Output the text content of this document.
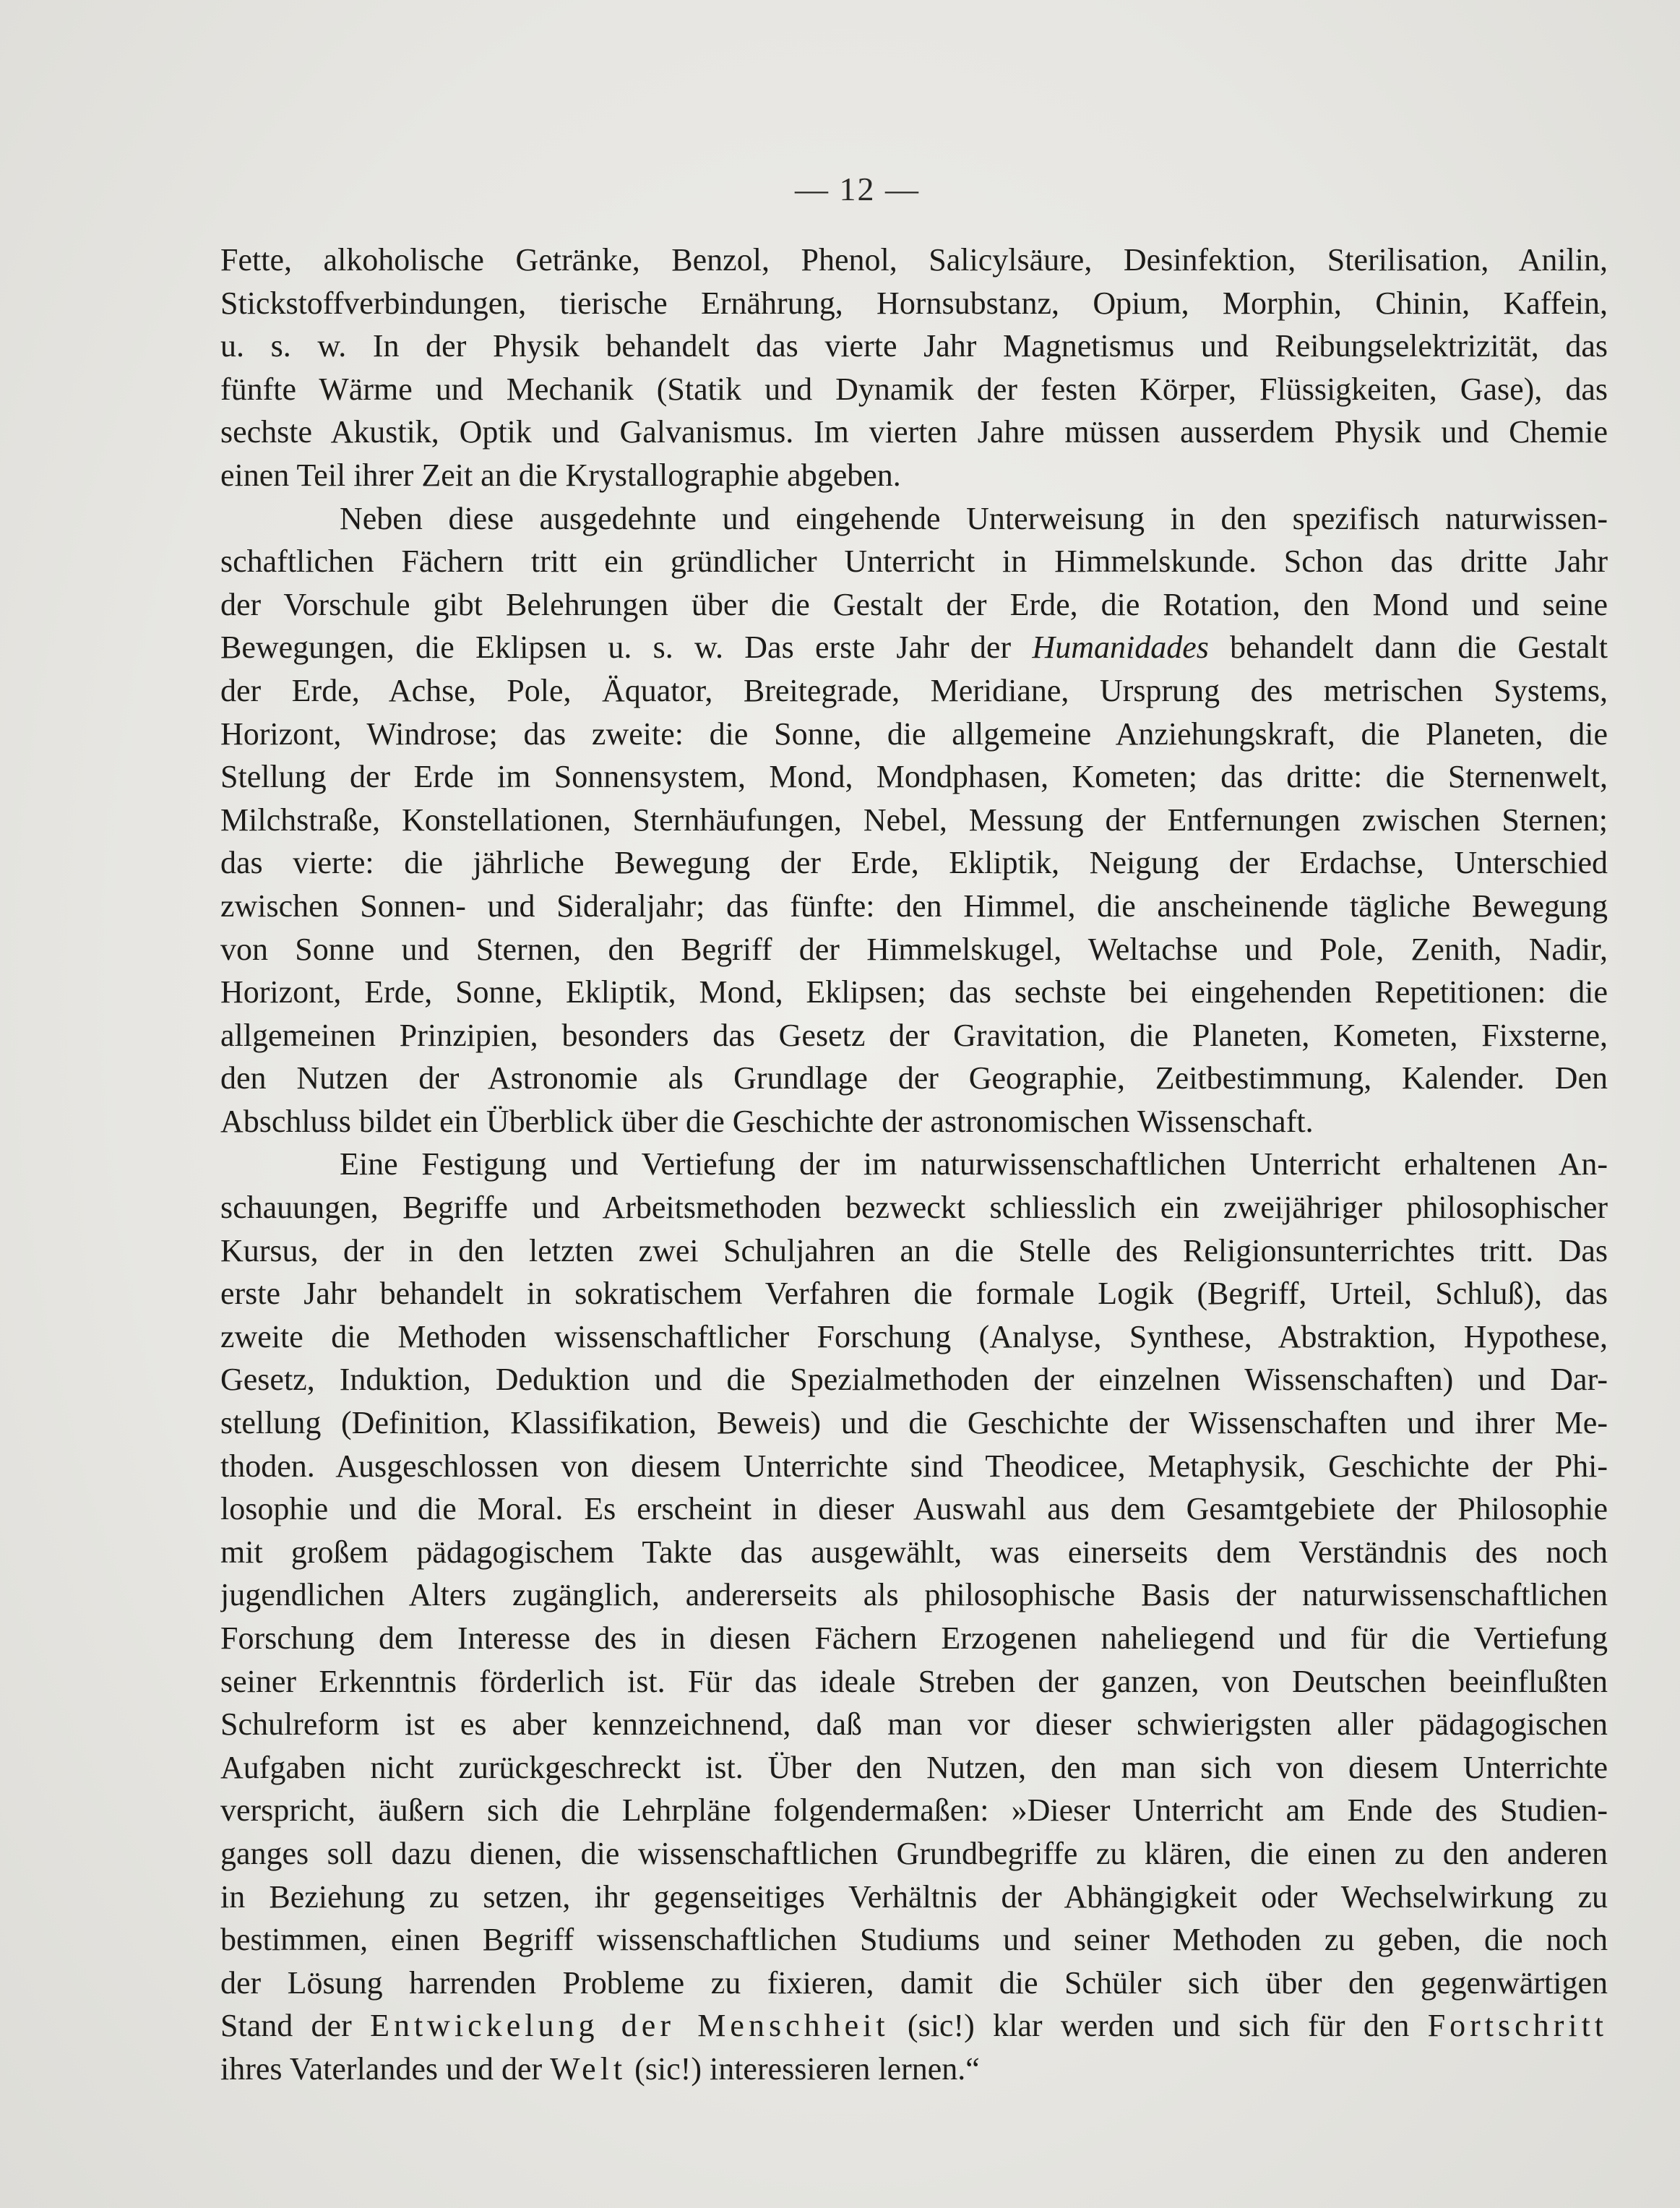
— 12 —
Fette, alkoholische Getränke, Benzol, Phenol, Salicylsäure, Desinfektion, Sterilisation, Anilin,
Stickstoffverbindungen, tierische Ernährung, Hornsubstanz, Opium, Morphin, Chinin, Kaffein,
u. s. w. In der Physik behandelt das vierte Jahr Magnetismus und Reibungselektrizität, das
fünfte Wärme und Mechanik (Statik und Dynamik der festen Körper, Flüssigkeiten, Gase), das
sechste Akustik, Optik und Galvanismus. Im vierten Jahre müssen ausserdem Physik und Chemie
einen Teil ihrer Zeit an die Krystallographie abgeben.
Neben diese ausgedehnte und eingehende Unterweisung in den spezifisch naturwissen-
schaftlichen Fächern tritt ein gründlicher Unterricht in Himmelskunde. Schon das dritte Jahr
der Vorschule gibt Belehrungen über die Gestalt der Erde, die Rotation, den Mond und seine
Bewegungen, die Eklipsen u. s. w. Das erste Jahr der Humanidades behandelt dann die Gestalt
der Erde, Achse, Pole, Äquator, Breitegrade, Meridiane, Ursprung des metrischen Systems,
Horizont, Windrose; das zweite: die Sonne, die allgemeine Anziehungskraft, die Planeten, die
Stellung der Erde im Sonnensystem, Mond, Mondphasen, Kometen; das dritte: die Sternenwelt,
Milchstraße, Konstellationen, Sternhäufungen, Nebel, Messung der Entfernungen zwischen Sternen;
das vierte: die jährliche Bewegung der Erde, Ekliptik, Neigung der Erdachse, Unterschied
zwischen Sonnen- und Sideraljahr; das fünfte: den Himmel, die anscheinende tägliche Bewegung
von Sonne und Sternen, den Begriff der Himmelskugel, Weltachse und Pole, Zenith, Nadir,
Horizont, Erde, Sonne, Ekliptik, Mond, Eklipsen; das sechste bei eingehenden Repetitionen: die
allgemeinen Prinzipien, besonders das Gesetz der Gravitation, die Planeten, Kometen, Fixsterne,
den Nutzen der Astronomie als Grundlage der Geographie, Zeitbestimmung, Kalender. Den
Abschluss bildet ein Überblick über die Geschichte der astronomischen Wissenschaft.
Eine Festigung und Vertiefung der im naturwissenschaftlichen Unterricht erhaltenen An-
schauungen, Begriffe und Arbeitsmethoden bezweckt schliesslich ein zweijähriger philosophischer
Kursus, der in den letzten zwei Schuljahren an die Stelle des Religionsunterrichtes tritt. Das
erste Jahr behandelt in sokratischem Verfahren die formale Logik (Begriff, Urteil, Schluß), das
zweite die Methoden wissenschaftlicher Forschung (Analyse, Synthese, Abstraktion, Hypothese,
Gesetz, Induktion, Deduktion und die Spezialmethoden der einzelnen Wissenschaften) und Dar-
stellung (Definition, Klassifikation, Beweis) und die Geschichte der Wissenschaften und ihrer Me-
thoden. Ausgeschlossen von diesem Unterrichte sind Theodicee, Metaphysik, Geschichte der Phi-
losophie und die Moral. Es erscheint in dieser Auswahl aus dem Gesamtgebiete der Philosophie
mit großem pädagogischem Takte das ausgewählt, was einerseits dem Verständnis des noch
jugendlichen Alters zugänglich, andererseits als philosophische Basis der naturwissenschaftlichen
Forschung dem Interesse des in diesen Fächern Erzogenen naheliegend und für die Vertiefung
seiner Erkenntnis förderlich ist. Für das ideale Streben der ganzen, von Deutschen beeinflußten
Schulreform ist es aber kennzeichnend, daß man vor dieser schwierigsten aller pädagogischen
Aufgaben nicht zurückgeschreckt ist. Über den Nutzen, den man sich von diesem Unterrichte
verspricht, äußern sich die Lehrpläne folgendermaßen: »Dieser Unterricht am Ende des Studien-
ganges soll dazu dienen, die wissenschaftlichen Grundbegriffe zu klären, die einen zu den anderen
in Beziehung zu setzen, ihr gegenseitiges Verhältnis der Abhängigkeit oder Wechselwirkung zu
bestimmen, einen Begriff wissenschaftlichen Studiums und seiner Methoden zu geben, die noch
der Lösung harrenden Probleme zu fixieren, damit die Schüler sich über den gegenwärtigen
Stand der Entwickelung der Menschheit (sic!) klar werden und sich für den Fortschritt
ihres Vaterlandes und der Welt (sic!) interessieren lernen.“
